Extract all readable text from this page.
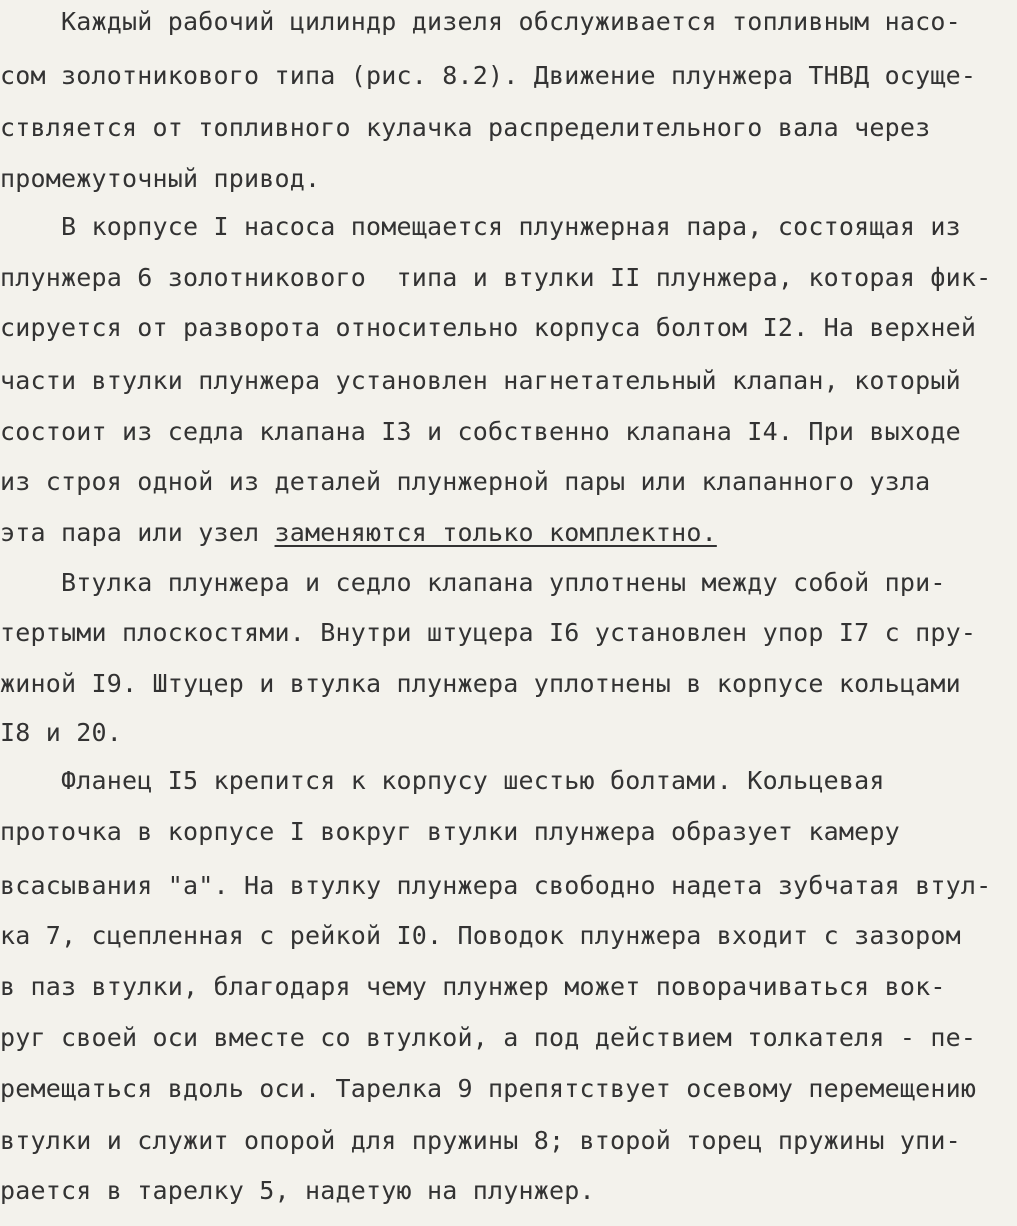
Каждый рабочий цилиндр дизеля обслуживается топливным насо-
сом золотникового типа (рис. 8.2). Движение плунжера ТНВД осуще-
ствляется от топливного кулачка распределительного вала через
промежуточный привод.
В корпусе I насоса помещается плунжерная пара, состоящая из
плунжера 6 золотникового  типа и втулки II плунжера, которая фик-
сируется от разворота относительно корпуса болтом I2. На верхней
части втулки плунжера установлен нагнетательный клапан, который
состоит из седла клапана I3 и собственно клапана I4. При выходе
из строя одной из деталей плунжерной пары или клапанного узла
эта пара или узел заменяются только комплектно.
Втулка плунжера и седло клапана уплотнены между собой при-
тертыми плоскостями. Внутри штуцера I6 установлен упор I7 с пру-
жиной I9. Штуцер и втулка плунжера уплотнены в корпусе кольцами
I8 и 20.
Фланец I5 крепится к корпусу шестью болтами. Кольцевая
проточка в корпусе I вокруг втулки плунжера образует камеру
всасывания "а". На втулку плунжера свободно надета зубчатая втул-
ка 7, сцепленная с рейкой I0. Поводок плунжера входит с зазором
в паз втулки, благодаря чему плунжер может поворачиваться вок-
руг своей оси вместе со втулкой, а под действием толкателя - пе-
ремещаться вдоль оси. Тарелка 9 препятствует осевому перемещению
втулки и служит опорой для пружины 8; второй торец пружины упи-
рается в тарелку 5, надетую на плунжер.
